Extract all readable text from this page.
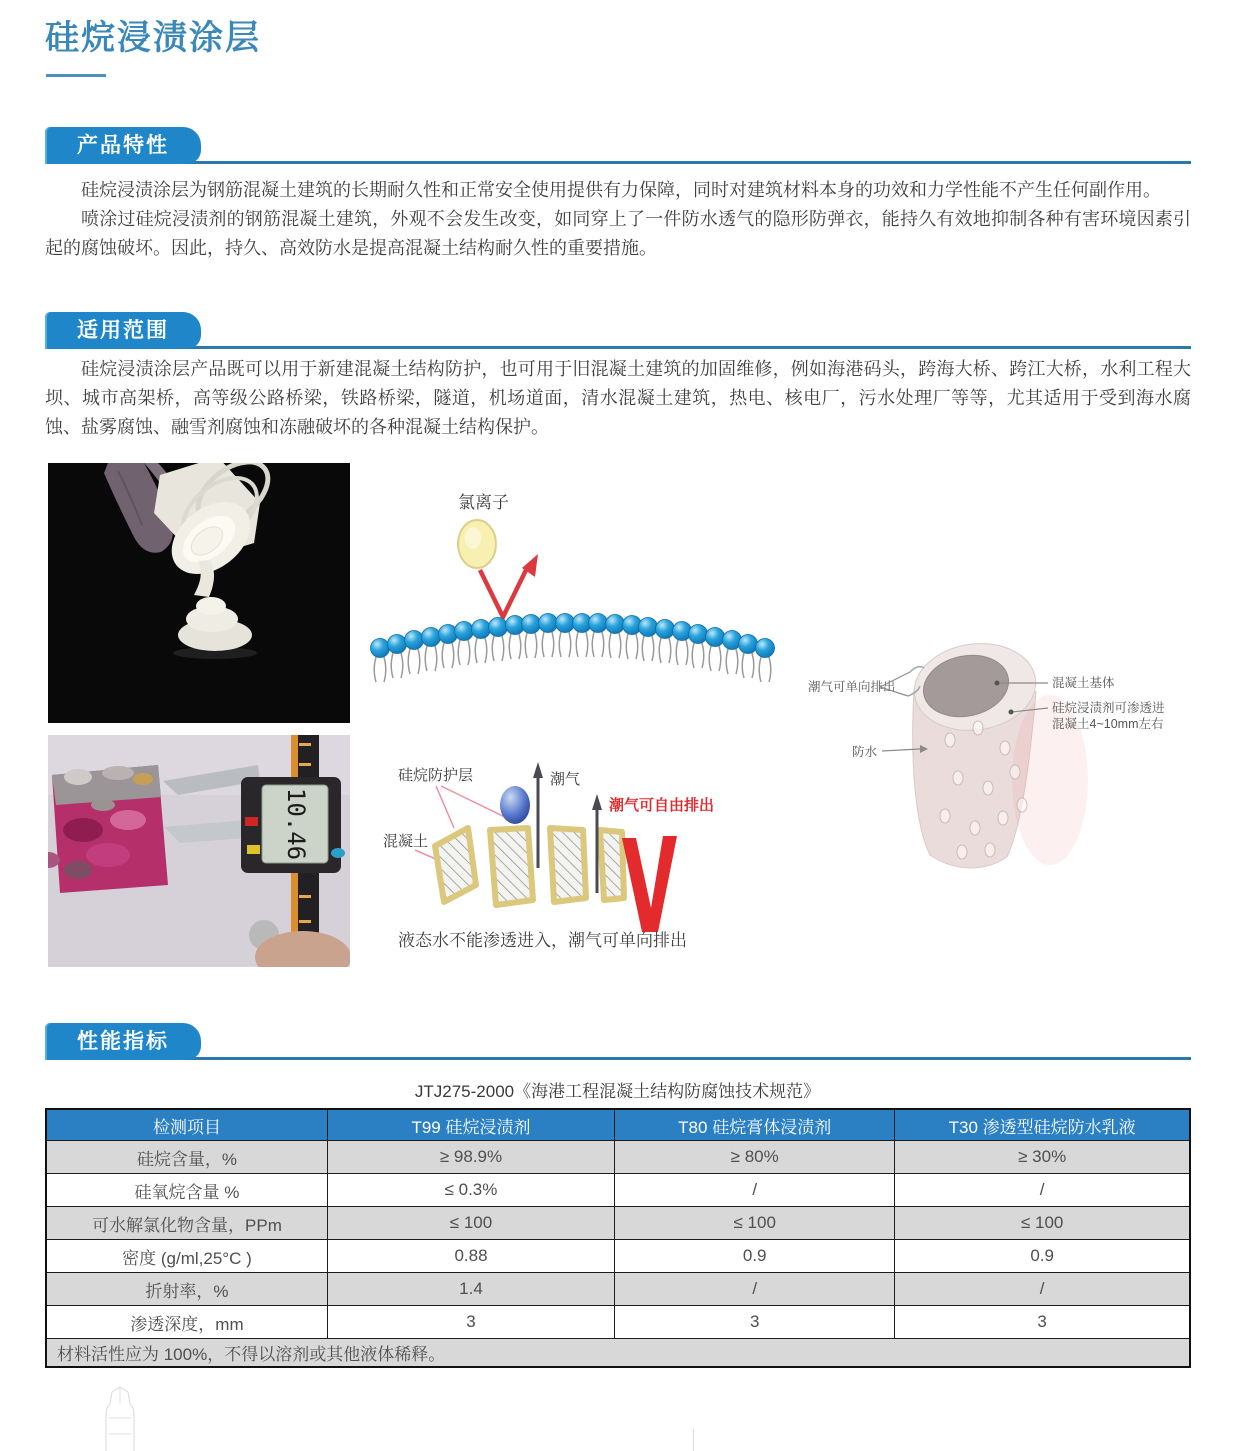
硅烷浸渍涂层
产品特性

硅烷浸渍涂层为钢筋混凝土建筑的长期耐久性和正常安全使用提供有力保障，同时对建筑材料本身的功效和力学性能不产生任何副作用。

喷涂过硅烷浸渍剂的钢筋混凝土建筑，外观不会发生改变，如同穿上了一件防水透气的隐形防弹衣，能持久有效地抑制各种有害环境因素引起的腐蚀破坏。因此，持久、高效防水是提高混凝土结构耐久性的重要措施。

适用范围

硅烷浸渍涂层产品既可以用于新建混凝土结构防护，也可用于旧混凝土建筑的加固维修，例如海港码头，跨海大桥、跨江大桥，水利工程大坝、城市高架桥，高等级公路桥梁，铁路桥梁，隧道，机场道面，清水混凝土建筑，热电、核电厂，污水处理厂等等，尤其适用于受到海水腐蚀、盐雾腐蚀、融雪剂腐蚀和冻融破坏的各种混凝土结构保护。

10.46
氯离子
硅烷防护层
混凝土
潮气
潮气可自由排出
液态水不能渗透进入，潮气可单向排出
潮气可单向排出
防水
混凝土基体
硅烷浸渍剂可渗透进
混凝土4~10mm左右
性能指标
JTJ275-2000《海港工程混凝土结构防腐蚀技术规范》
检测项目	T99 硅烷浸渍剂	T80 硅烷膏体浸渍剂	T30 渗透型硅烷防水乳液
硅烷含量，%	≥ 98.9%	≥ 80%	≥ 30%
硅氧烷含量 %	≤ 0.3%	/	/
可水解氯化物含量，PPm	≤ 100	≤ 100	≤ 100
密度 (g/ml,25°C )	0.88	0.9	0.9
折射率，%	1.4	/	/
渗透深度，mm	3	3	3
材料活性应为 100%，不得以溶剂或其他液体稀释。			
